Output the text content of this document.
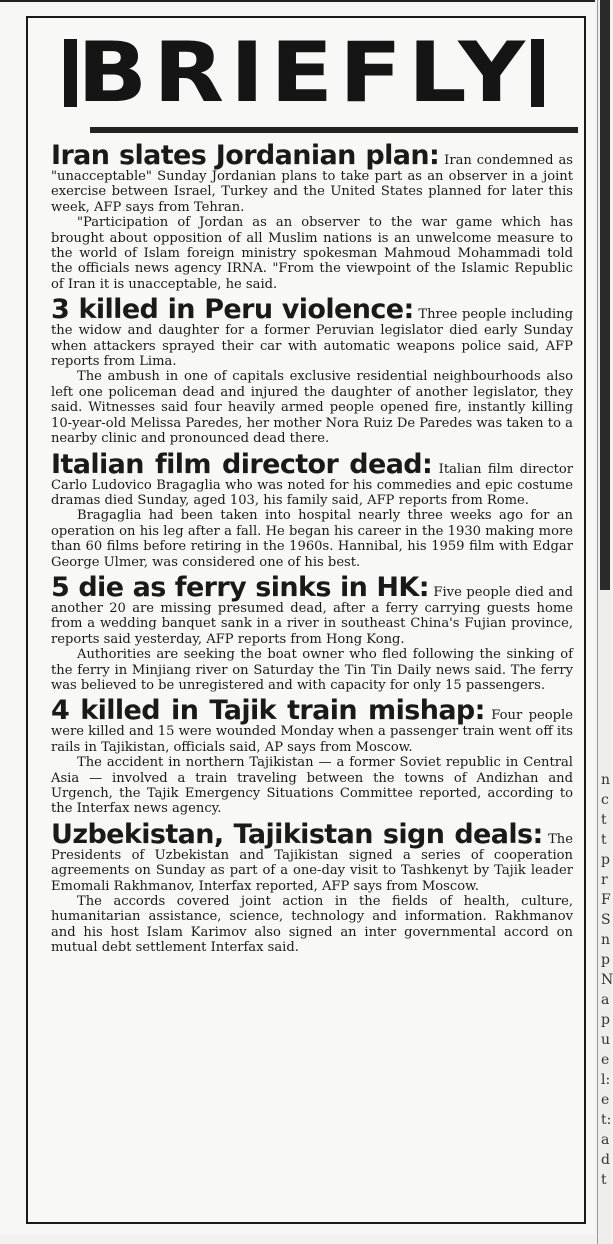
BRIEFLY

Iran slates Jordanian plan: Iran condemned as "unacceptable" Sunday Jordanian plans to take part as an observer in a joint exercise between Israel, Turkey and the United States planned for later this week, AFP says from Tehran.

"Participation of Jordan as an observer to the war game which has brought about opposition of all Muslim nations is an unwelcome measure to the world of Islam foreign ministry spokesman Mahmoud Mohammadi told the officials news agency IRNA. "From the viewpoint of the Islamic Republic of Iran it is unacceptable, he said.

3 killed in Peru violence: Three people including the widow and daughter for a former Peruvian legislator died early Sunday when attackers sprayed their car with automatic weapons police said, AFP reports from Lima.

The ambush in one of capitals exclusive residential neighbourhoods also left one policeman dead and injured the daughter of another legislator, they said. Witnesses said four heavily armed people opened fire, instantly killing 10-year-old Melissa Paredes, her mother Nora Ruiz De Paredes was taken to a nearby clinic and pronounced dead there.

Italian film director dead: Italian film director Carlo Ludovico Bragaglia who was noted for his commedies and epic costume dramas died Sunday, aged 103, his family said, AFP reports from Rome.

Bragaglia had been taken into hospital nearly three weeks ago for an operation on his leg after a fall. He began his career in the 1930 making more than 60 films before retiring in the 1960s. Hannibal, his 1959 film with Edgar George Ulmer, was considered one of his best.

5 die as ferry sinks in HK: Five people died and another 20 are missing presumed dead, after a ferry carrying guests home from a wedding banquet sank in a river in southeast China's Fujian province, reports said yesterday, AFP reports from Hong Kong.

Authorities are seeking the boat owner who fled following the sinking of the ferry in Minjiang river on Saturday the Tin Tin Daily news said. The ferry was believed to be unregistered and with capacity for only 15 passengers.

4 killed in Tajik train mishap: Four people were killed and 15 were wounded Monday when a passenger train went off its rails in Tajikistan, officials said, AP says from Moscow.

The accident in northern Tajikistan — a former Soviet republic in Central Asia — involved a train traveling between the towns of Andizhan and Urgench, the Tajik Emergency Situations Committee reported, according to the Interfax news agency.

Uzbekistan, Tajikistan sign deals: The Presidents of Uzbekistan and Tajikistan signed a series of cooperation agreements on Sunday as part of a one-day visit to Tashkenyt by Tajik leader Emomali Rakhmanov, Interfax reported, AFP says from Moscow.

The accords covered joint action in the fields of health, culture, humanitarian assistance, science, technology and information. Rakhmanov and his host Islam Karimov also signed an inter governmental accord on mutual debt settlement Interfax said.

n c t t p r F S n p N a p u e l: e t: a d t
